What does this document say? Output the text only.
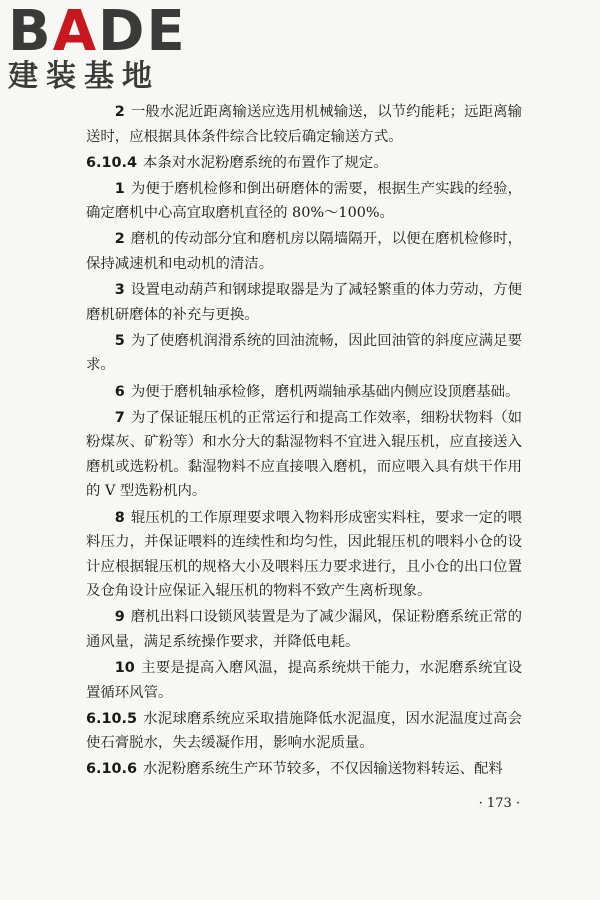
BADE
建装基地

2 一般水泥近距离输送应选用机械输送，以节约能耗；远距离输送时，应根据具体条件综合比较后确定输送方式。

6.10.4 本条对水泥粉磨系统的布置作了规定。

1 为便于磨机检修和倒出研磨体的需要，根据生产实践的经验，确定磨机中心高宜取磨机直径的 80%～100%。

2 磨机的传动部分宜和磨机房以隔墙隔开，以便在磨机检修时，保持减速机和电动机的清洁。

3 设置电动葫芦和钢球提取器是为了减轻繁重的体力劳动，方便磨机研磨体的补充与更换。

5 为了使磨机润滑系统的回油流畅，因此回油管的斜度应满足要求。

6 为便于磨机轴承检修，磨机两端轴承基础内侧应设顶磨基础。

7 为了保证辊压机的正常运行和提高工作效率，细粉状物料（如粉煤灰、矿粉等）和水分大的黏湿物料不宜进入辊压机，应直接送入磨机或选粉机。黏湿物料不应直接喂入磨机，而应喂入具有烘干作用的 V 型选粉机内。

8 辊压机的工作原理要求喂入物料形成密实料柱，要求一定的喂料压力，并保证喂料的连续性和均匀性，因此辊压机的喂料小仓的设计应根据辊压机的规格大小及喂料压力要求进行，且小仓的出口位置及仓角设计应保证入辊压机的物料不致产生离析现象。

9 磨机出料口设锁风装置是为了减少漏风，保证粉磨系统正常的通风量，满足系统操作要求，并降低电耗。

10 主要是提高入磨风温，提高系统烘干能力，水泥磨系统宜设置循环风管。

6.10.5 水泥球磨系统应采取措施降低水泥温度，因水泥温度过高会使石膏脱水，失去缓凝作用，影响水泥质量。

6.10.6 水泥粉磨系统生产环节较多，不仅因输送物料转运、配料

· 173 ·
